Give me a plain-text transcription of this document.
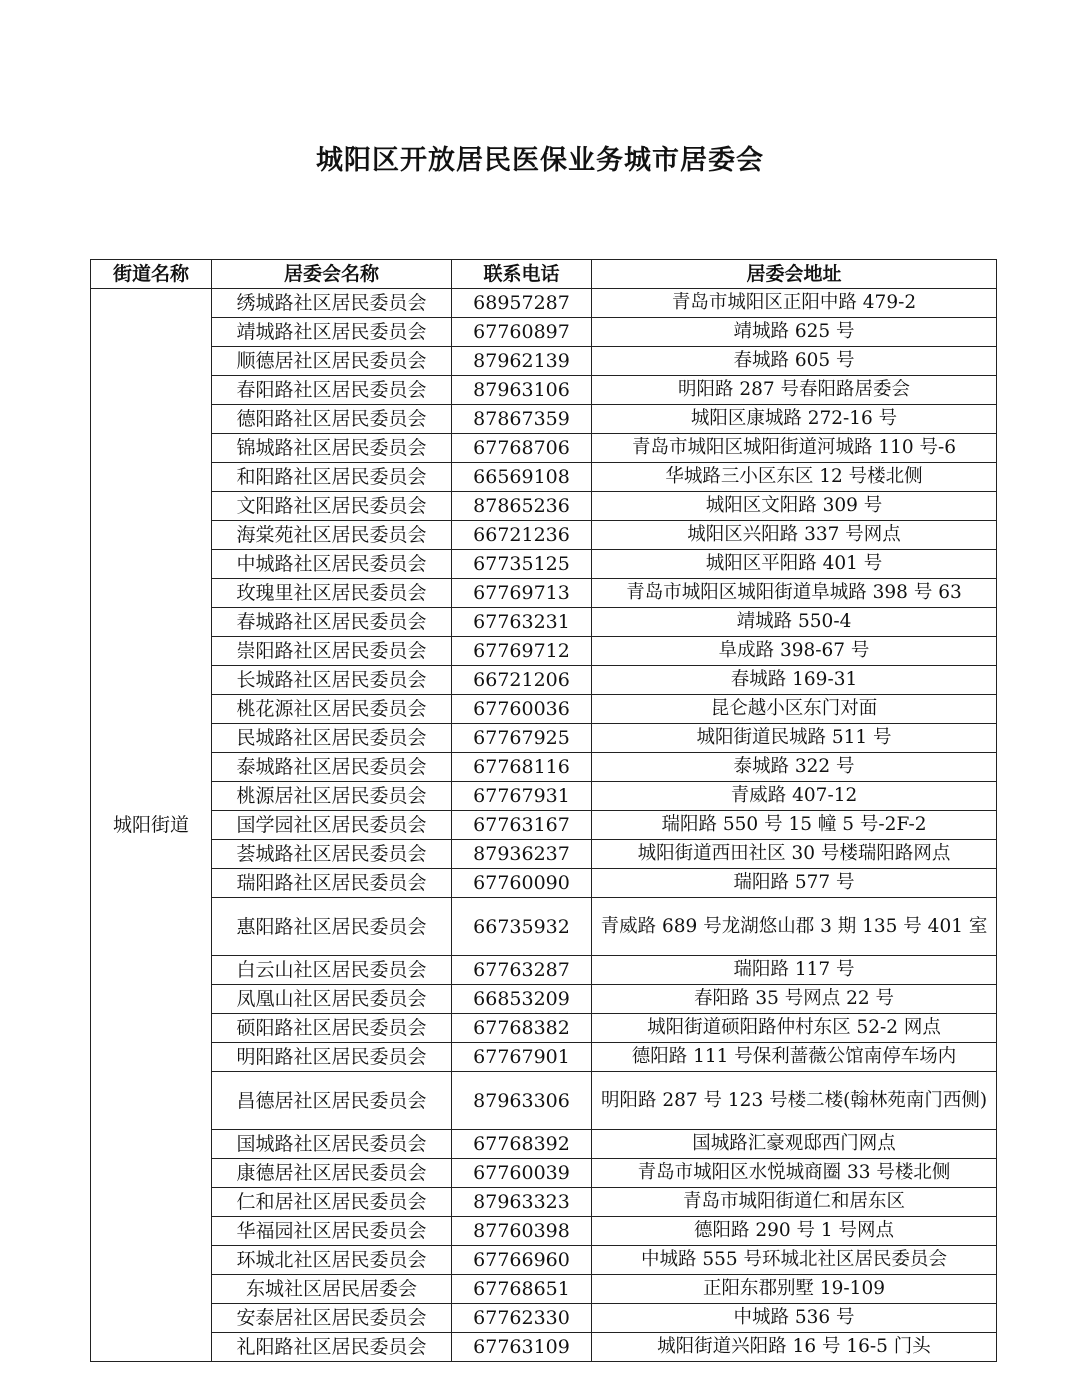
城阳区开放居民医保业务城市居委会
街道名称	居委会名称	联系电话	居委会地址
城阳街道	绣城路社区居民委员会	68957287	青岛市城阳区正阳中路 479-2
	靖城路社区居民委员会	67760897	靖城路 625 号
	顺德居社区居民委员会	87962139	春城路 605 号
	春阳路社区居民委员会	87963106	明阳路 287 号春阳路居委会
	德阳路社区居民委员会	87867359	城阳区康城路 272-16 号
	锦城路社区居民委员会	67768706	青岛市城阳区城阳街道河城路 110 号-6
	和阳路社区居民委员会	66569108	华城路三小区东区 12 号楼北侧
	文阳路社区居民委员会	87865236	城阳区文阳路 309 号
	海棠苑社区居民委员会	66721236	城阳区兴阳路 337 号网点
	中城路社区居民委员会	67735125	城阳区平阳路 401 号
	玫瑰里社区居民委员会	67769713	青岛市城阳区城阳街道阜城路 398 号 63
	春城路社区居民委员会	67763231	靖城路 550-4
	崇阳路社区居民委员会	67769712	阜成路 398-67 号
	长城路社区居民委员会	66721206	春城路 169-31
	桃花源社区居民委员会	67760036	昆仑越小区东门对面
	民城路社区居民委员会	67767925	城阳街道民城路 511 号
	泰城路社区居民委员会	67768116	泰城路 322 号
	桃源居社区居民委员会	67767931	青威路 407-12
	国学园社区居民委员会	67763167	瑞阳路 550 号 15 幢 5 号-2F-2
	荟城路社区居民委员会	87936237	城阳街道西田社区 30 号楼瑞阳路网点
	瑞阳路社区居民委员会	67760090	瑞阳路 577 号
	惠阳路社区居民委员会	66735932	青威路 689 号龙湖悠山郡 3 期 135 号 401 室
	白云山社区居民委员会	67763287	瑞阳路 117 号
	凤凰山社区居民委员会	66853209	春阳路 35 号网点 22 号
	硕阳路社区居民委员会	67768382	城阳街道硕阳路仲村东区 52-2 网点
	明阳路社区居民委员会	67767901	德阳路 111 号保利蔷薇公馆南停车场内
	昌德居社区居民委员会	87963306	明阳路 287 号 123 号楼二楼(翰林苑南门西侧)
	国城路社区居民委员会	67768392	国城路汇豪观邸西门网点
	康德居社区居民委员会	67760039	青岛市城阳区水悦城商圈 33 号楼北侧
	仁和居社区居民委员会	87963323	青岛市城阳街道仁和居东区
	华福园社区居民委员会	87760398	德阳路 290 号 1 号网点
	环城北社区居民委员会	67766960	中城路 555 号环城北社区居民委员会
	东城社区居民居委会	67768651	正阳东郡别墅 19-109
	安泰居社区居民委员会	67762330	中城路 536 号
	礼阳路社区居民委员会	67763109	城阳街道兴阳路 16 号 16-5 门头
